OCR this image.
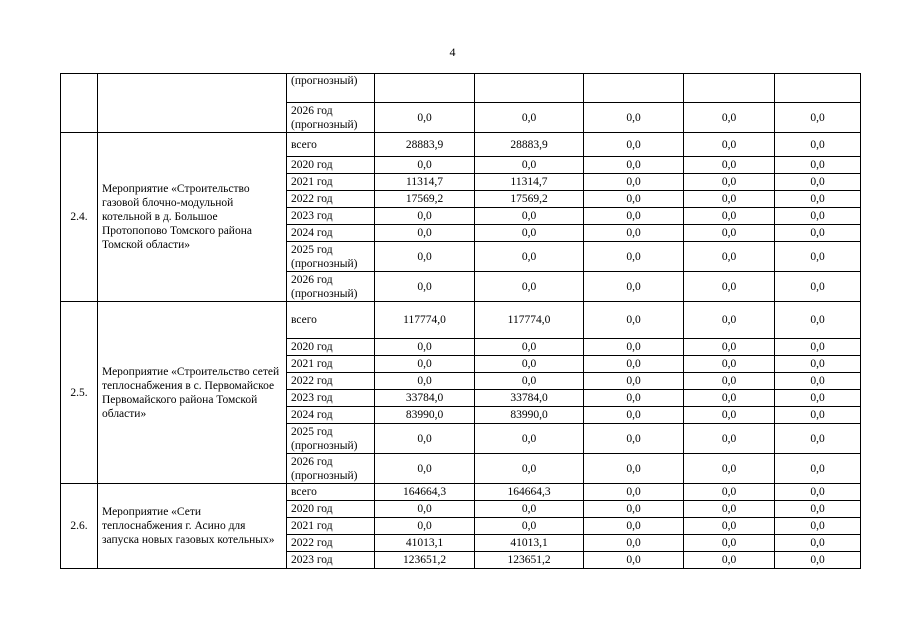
4
		(прогнозный)					
		2026 год (прогнозный)	0,0	0,0	0,0	0,0	0,0
2.4.	Мероприятие «Строительство газовой блочно-модульной котельной в д. Большое Протопопово Томского района Томской области»	всего	28883,9	28883,9	0,0	0,0	0,0
		2020 год	0,0	0,0	0,0	0,0	0,0
		2021 год	11314,7	11314,7	0,0	0,0	0,0
		2022 год	17569,2	17569,2	0,0	0,0	0,0
		2023 год	0,0	0,0	0,0	0,0	0,0
		2024 год	0,0	0,0	0,0	0,0	0,0
		2025 год (прогнозный)	0,0	0,0	0,0	0,0	0,0
		2026 год (прогнозный)	0,0	0,0	0,0	0,0	0,0
2.5.	Мероприятие «Строительство сетей теплоснабжения в с. Первомайское Первомайского района Томской области»	всего	117774,0	117774,0	0,0	0,0	0,0
		2020 год	0,0	0,0	0,0	0,0	0,0
		2021 год	0,0	0,0	0,0	0,0	0,0
		2022 год	0,0	0,0	0,0	0,0	0,0
		2023 год	33784,0	33784,0	0,0	0,0	0,0
		2024 год	83990,0	83990,0	0,0	0,0	0,0
		2025 год (прогнозный)	0,0	0,0	0,0	0,0	0,0
		2026 год (прогнозный)	0,0	0,0	0,0	0,0	0,0
2.6.	Мероприятие «Сети теплоснабжения г. Асино для запуска новых газовых котельных»	всего	164664,3	164664,3	0,0	0,0	0,0
		2020 год	0,0	0,0	0,0	0,0	0,0
		2021 год	0,0	0,0	0,0	0,0	0,0
		2022 год	41013,1	41013,1	0,0	0,0	0,0
		2023 год	123651,2	123651,2	0,0	0,0	0,0
